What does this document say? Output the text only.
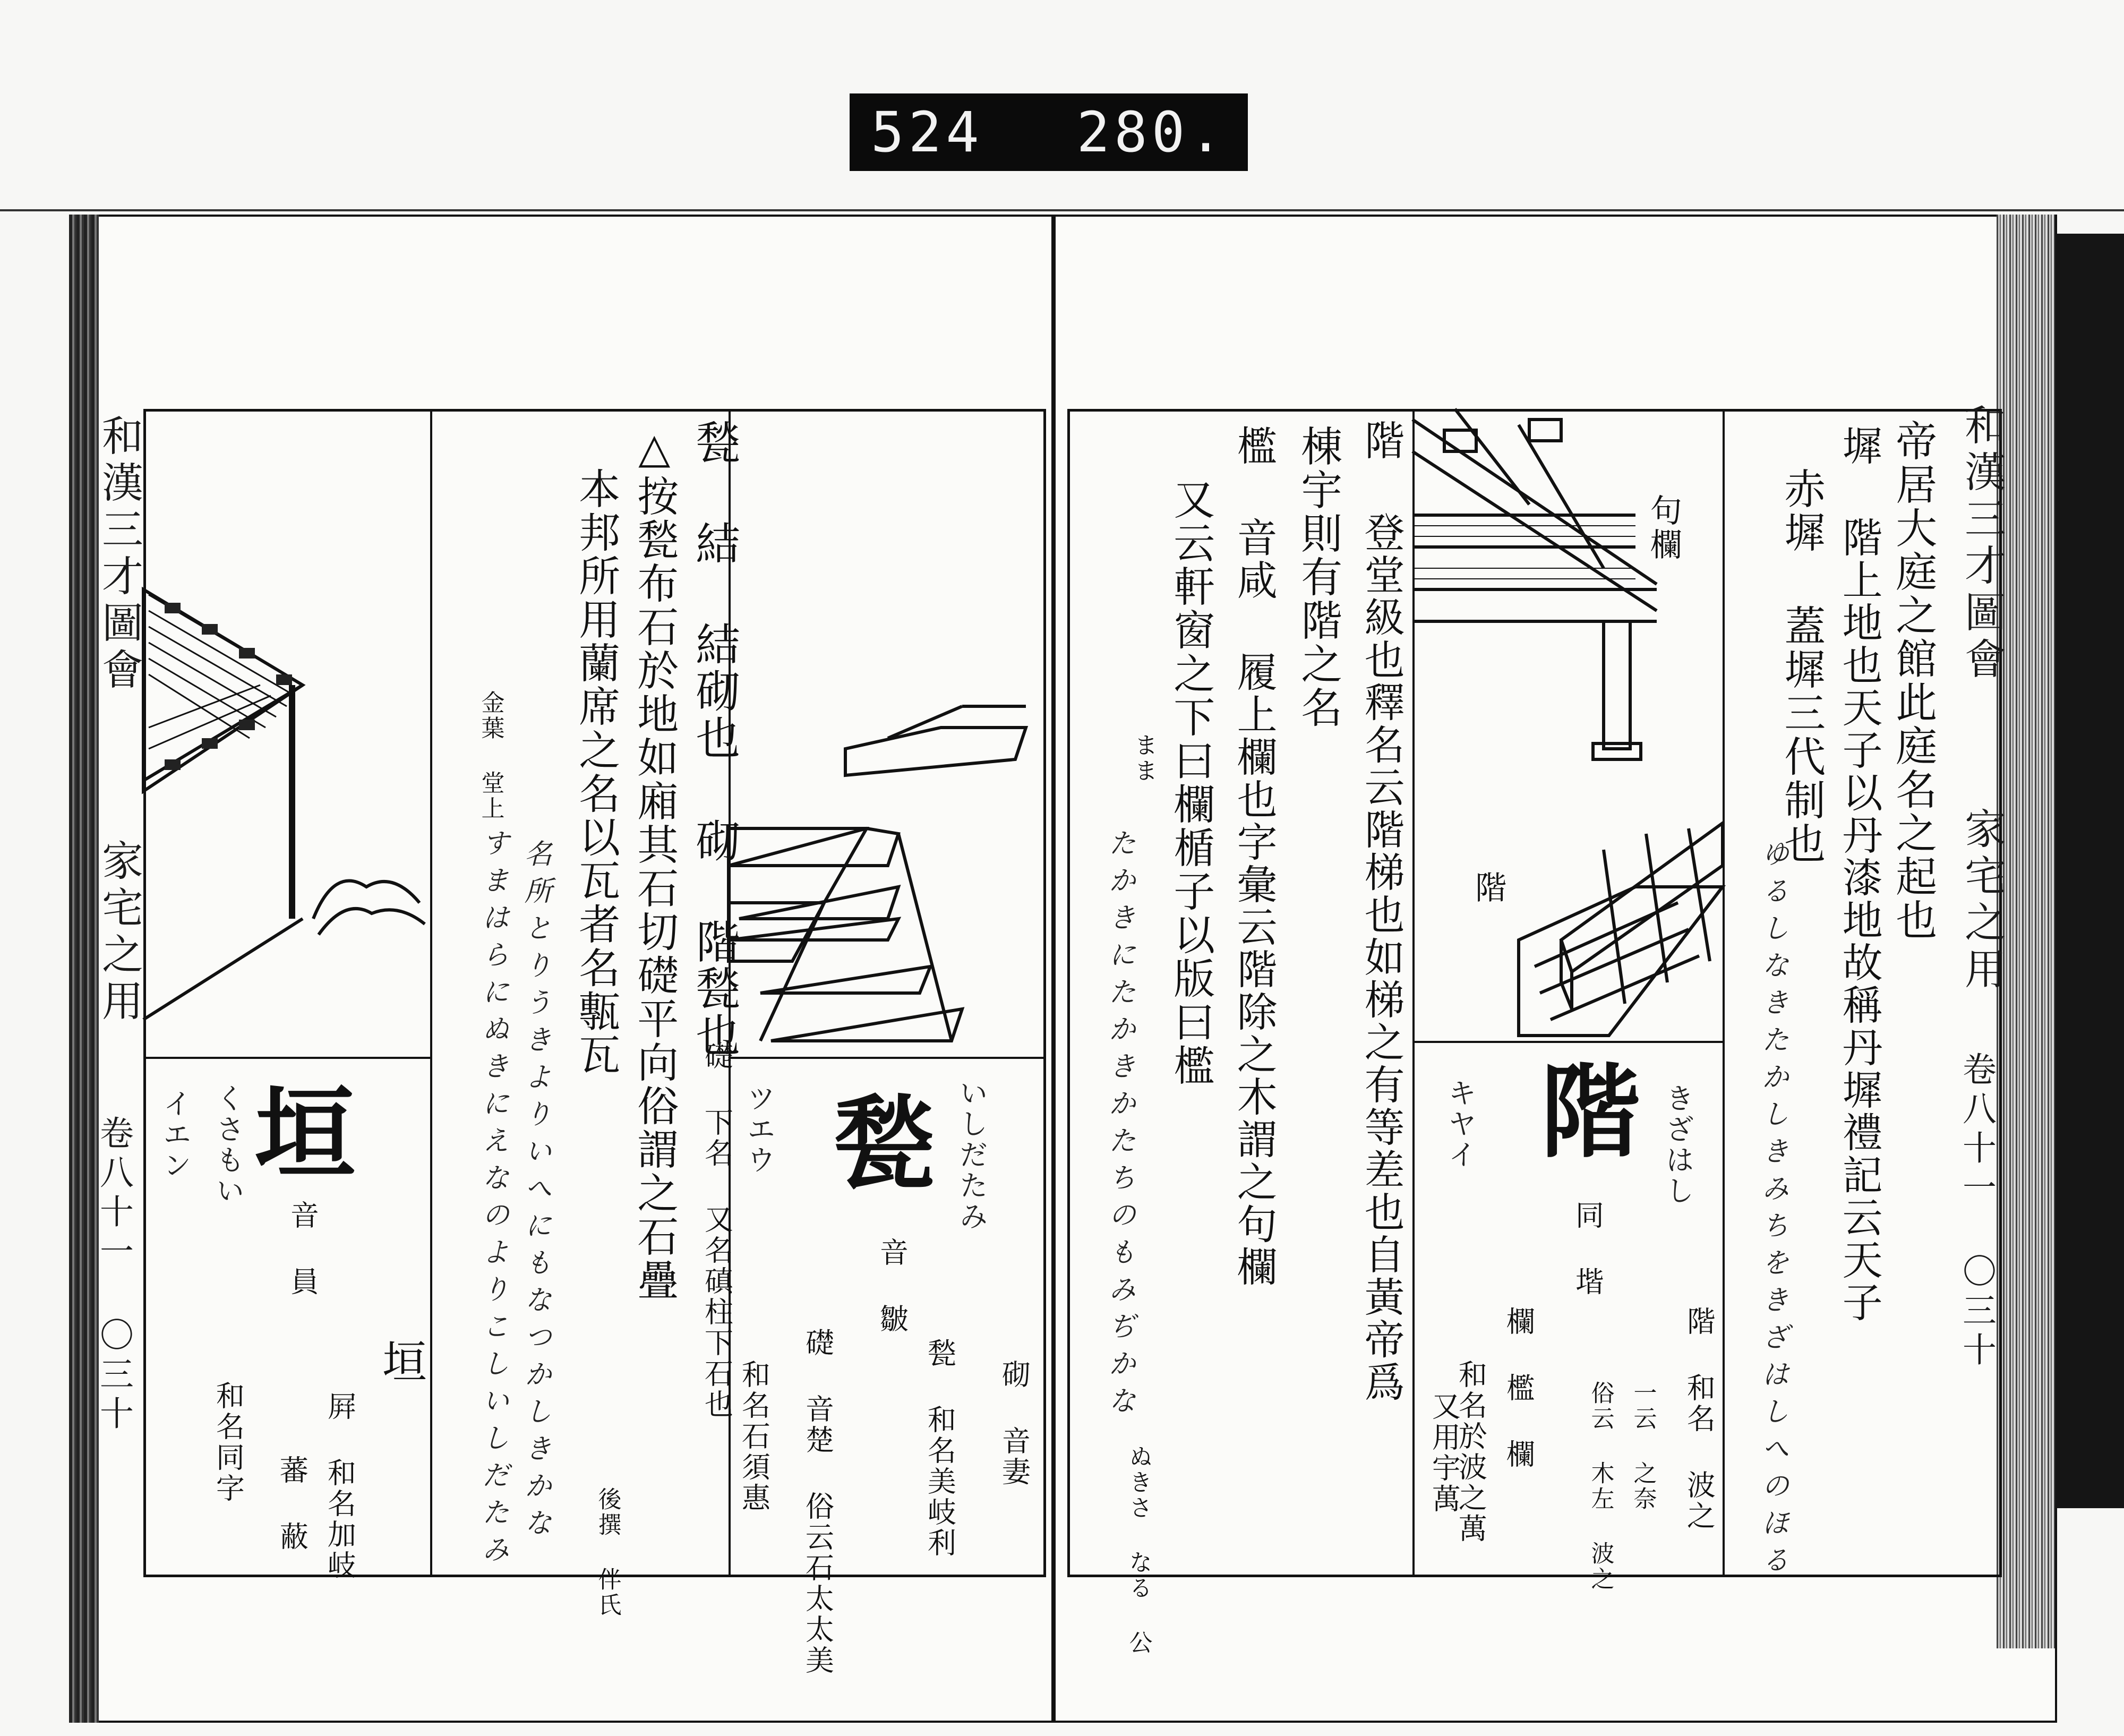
524 280.
和漢三才圖會
家宅之用
卷八十一 〇三十 垣
くさもい
イエン
音 員
垣
屛 和名加岐
蕃 蔽
和名同字
甃 いしだたみ
ツエウ
音 皺
砌 音妻
甃 和名美岐利
礎 音楚 俗云石太太美
和名石須惠
甃 結 結砌也
砌 階甃也
礎 下名 又名磌柱下石也
△按甃布石於地如廂其石切礎平向俗謂之石疊
本邦所用蘭席之名以瓦者名甎瓦
金葉 堂上
名所とりうきよりいへにもなつかしきかな
すまはらにぬきにえなのよりこしいしだたみ	後撰 伴氏
和漢三才圖會
家宅之用
卷八十一 〇三十
句欄
階
階 きざはし
キヤイ
同 堦
階 和名 波之
一云 之奈
俗云 木左 波之
欄 檻 欄
和名於波之萬
又用宇萬
帝居大庭之館此庭名之起也
墀 階上地也天子以丹漆地故稱丹墀禮記云天子
赤墀 蓋墀三代制也
ゆるしなきたかしきみちをきざはしへのほる
階 登堂級也釋名云階梯也如梯之有等差也自黃帝爲
棟宇則有階之名
檻 音咸 履上欄也字彙云階除之木謂之句欄
又云軒窗之下曰欄楯子以版曰檻
まま
たかきにたかきかたちのもみぢかな
ぬきさ なる 公
